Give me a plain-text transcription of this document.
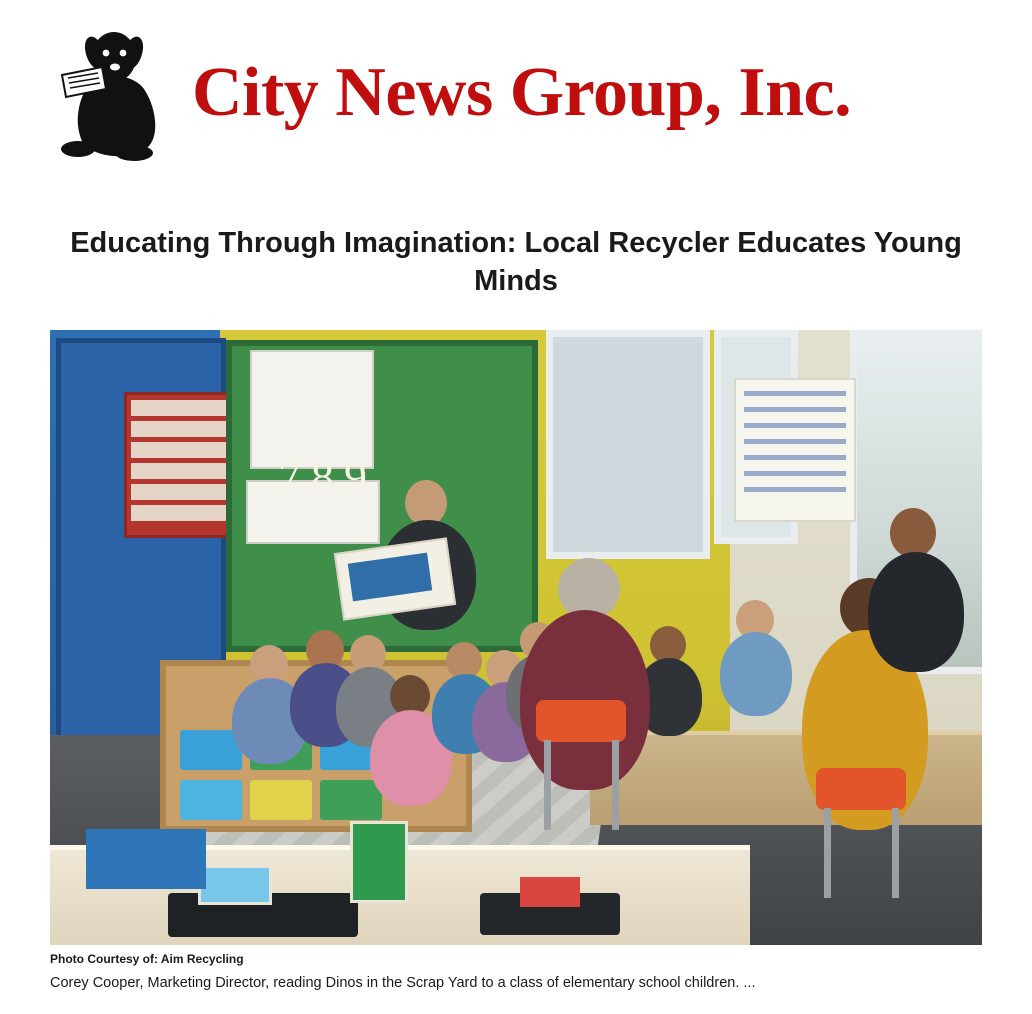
City News Group, Inc.
Educating Through Imagination: Local Recycler Educates Young Minds
789
Photo Courtesy of: Aim Recycling
Corey Cooper, Marketing Director, reading Dinos in the Scrap Yard to a class of elementary school children. ...
